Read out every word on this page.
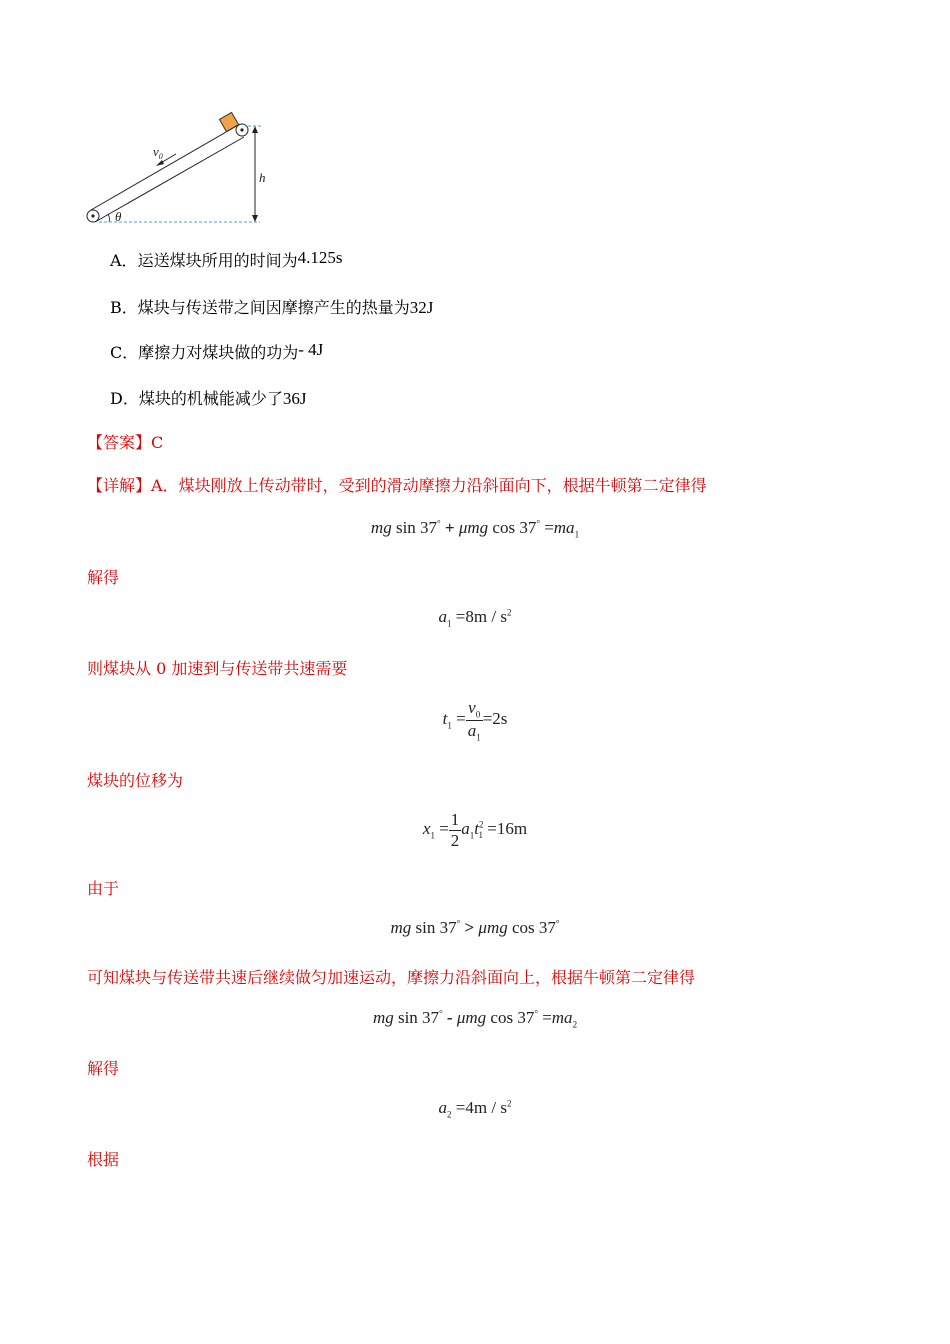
$v_0$
h
θ
A．运送煤块所用的时间为4.125s
B．煤块与传送带之间因摩擦产生的热量为32J
C．摩擦力对煤块做的功为- 4J
D．煤块的机械能减少了36J
【答案】C
【详解】A．煤块刚放上传动带时，受到的滑动摩擦力沿斜面向下，根据牛顿第二定律得
mg sin 37° + μmg $\cos 37^\circ =ma_1$
解得
$a_1 =8m / s^2$
则煤块从 0 加速到与传送带共速需要
$t_1 = \frac{v_0}{a_1} =2s$
煤块的位移为
$x_1 = \frac{1}{2} a_1t^2_1 =16m$
由于
mg sin 37° > μmg cos 37°
可知煤块与传送带共速后继续做匀加速运动，摩擦力沿斜面向上，根据牛顿第二定律得
mg sin 37° - μmg $\cos 37^\circ =ma_2$
解得
$a_2 =4m / s^2$
根据
